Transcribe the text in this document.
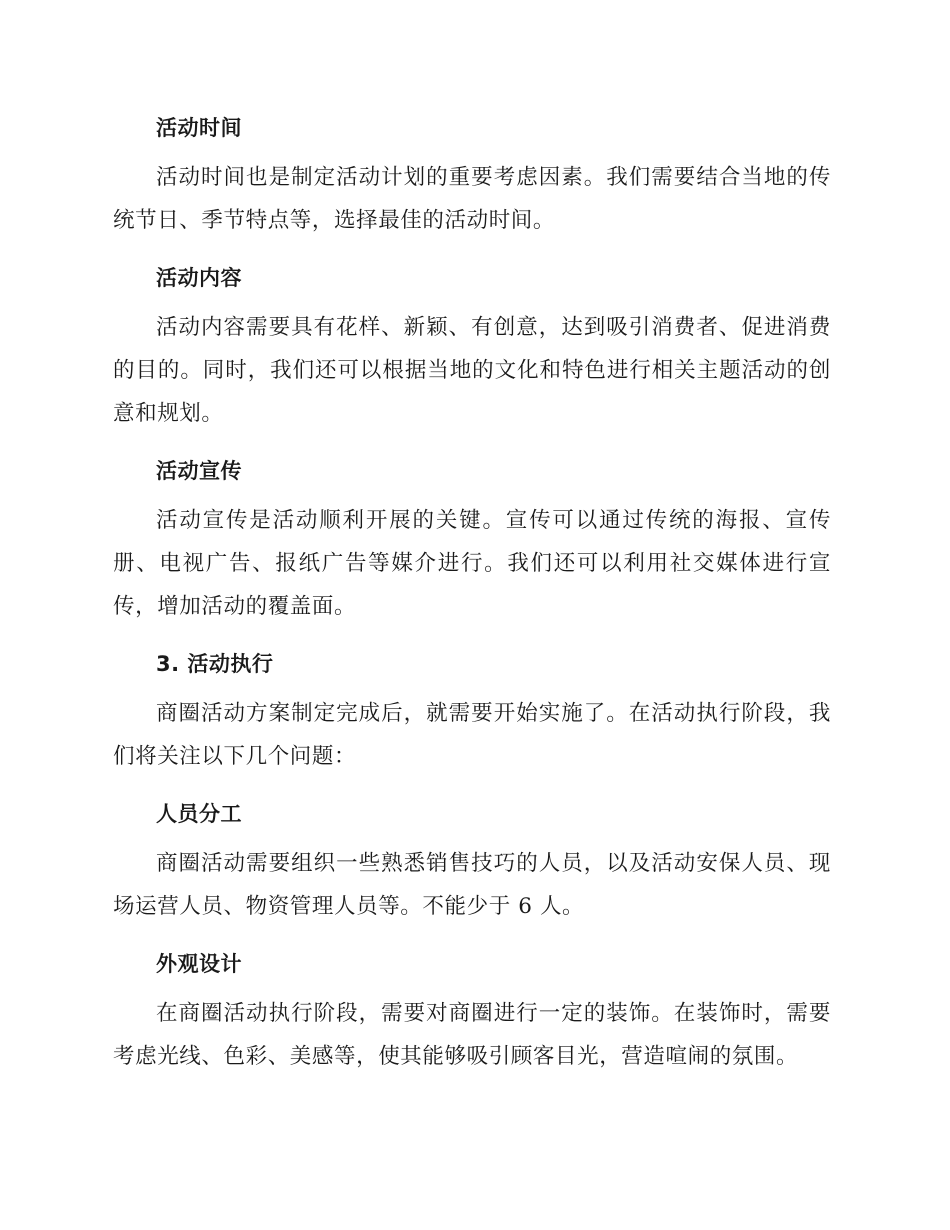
活动时间

活动时间也是制定活动计划的重要考虑因素。我们需要结合当地的传统节日、季节特点等，选择最佳的活动时间。

活动内容

活动内容需要具有花样、新颖、有创意，达到吸引消费者、促进消费的目的。同时，我们还可以根据当地的文化和特色进行相关主题活动的创意和规划。

活动宣传

活动宣传是活动顺利开展的关键。宣传可以通过传统的海报、宣传册、电视广告、报纸广告等媒介进行。我们还可以利用社交媒体进行宣传，增加活动的覆盖面。

3. 活动执行

商圈活动方案制定完成后，就需要开始实施了。在活动执行阶段，我们将关注以下几个问题：

人员分工

商圈活动需要组织一些熟悉销售技巧的人员，以及活动安保人员、现场运营人员、物资管理人员等。不能少于 6 人。

外观设计

在商圈活动执行阶段，需要对商圈进行一定的装饰。在装饰时，需要考虑光线、色彩、美感等，使其能够吸引顾客目光，营造喧闹的氛围。
